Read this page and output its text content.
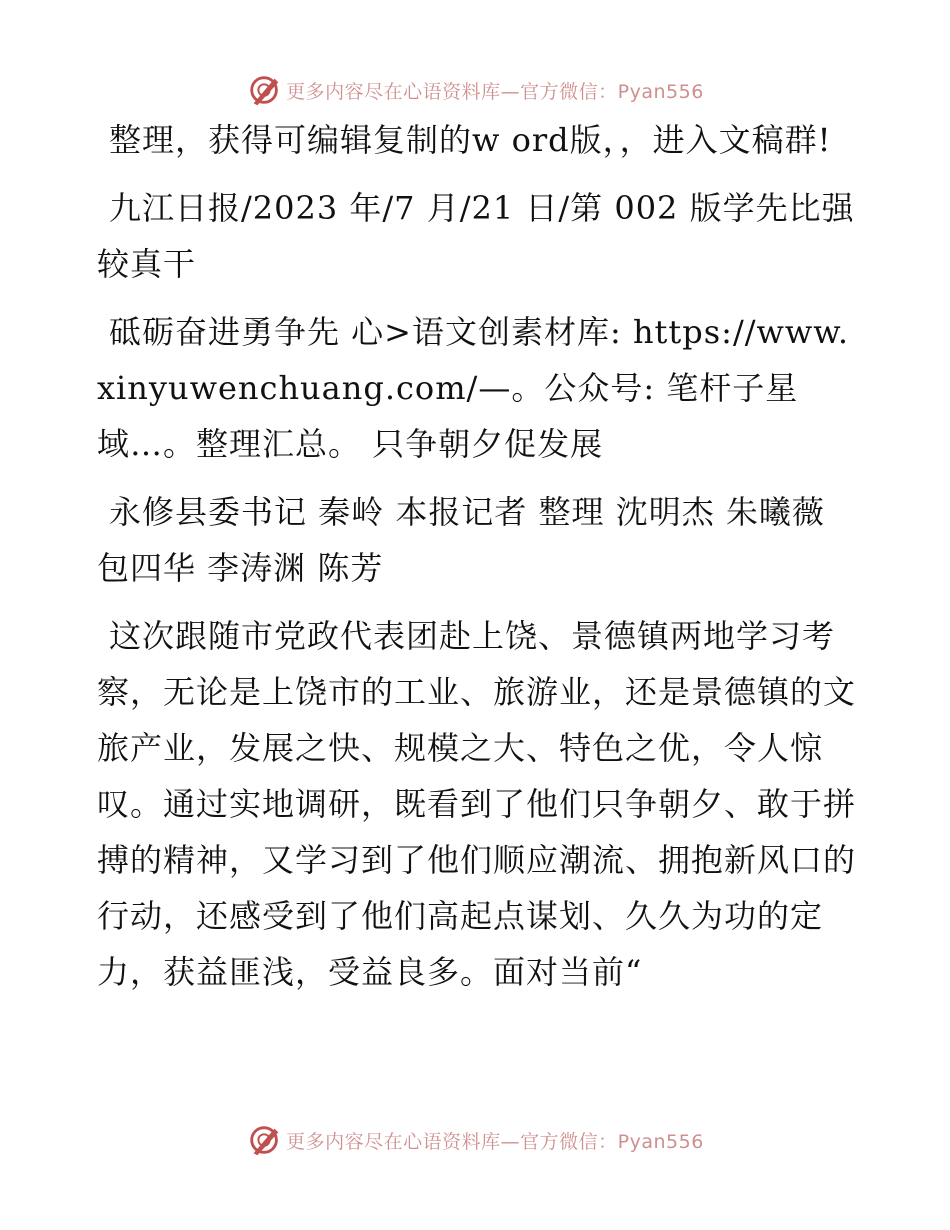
更多内容尽在心语资料库—官方微信：Pyan556

整理，获得可编辑复制的w ord版，，进入文稿群!

九江日报/2023 年/7 月/21 日/第 002 版学先比强较真干

砥砺奋进勇争先 心>语文创素材库: https://www.xinyuwenchuang.com/—。公众号: 笔杆子星域…。整理汇总。 只争朝夕促发展

永修县委书记 秦岭 本报记者 整理 沈明杰 朱曦薇 包四华 李涛渊 陈芳

这次跟随市党政代表团赴上饶、景德镇两地学习考察，无论是上饶市的工业、旅游业，还是景德镇的文旅产业，发展之快、规模之大、特色之优，令人惊叹。通过实地调研，既看到了他们只争朝夕、敢于拼搏的精神，又学习到了他们顺应潮流、拥抱新风口的行动，还感受到了他们高起点谋划、久久为功的定力，获益匪浅，受益良多。面对当前“

更多内容尽在心语资料库—官方微信：Pyan556
